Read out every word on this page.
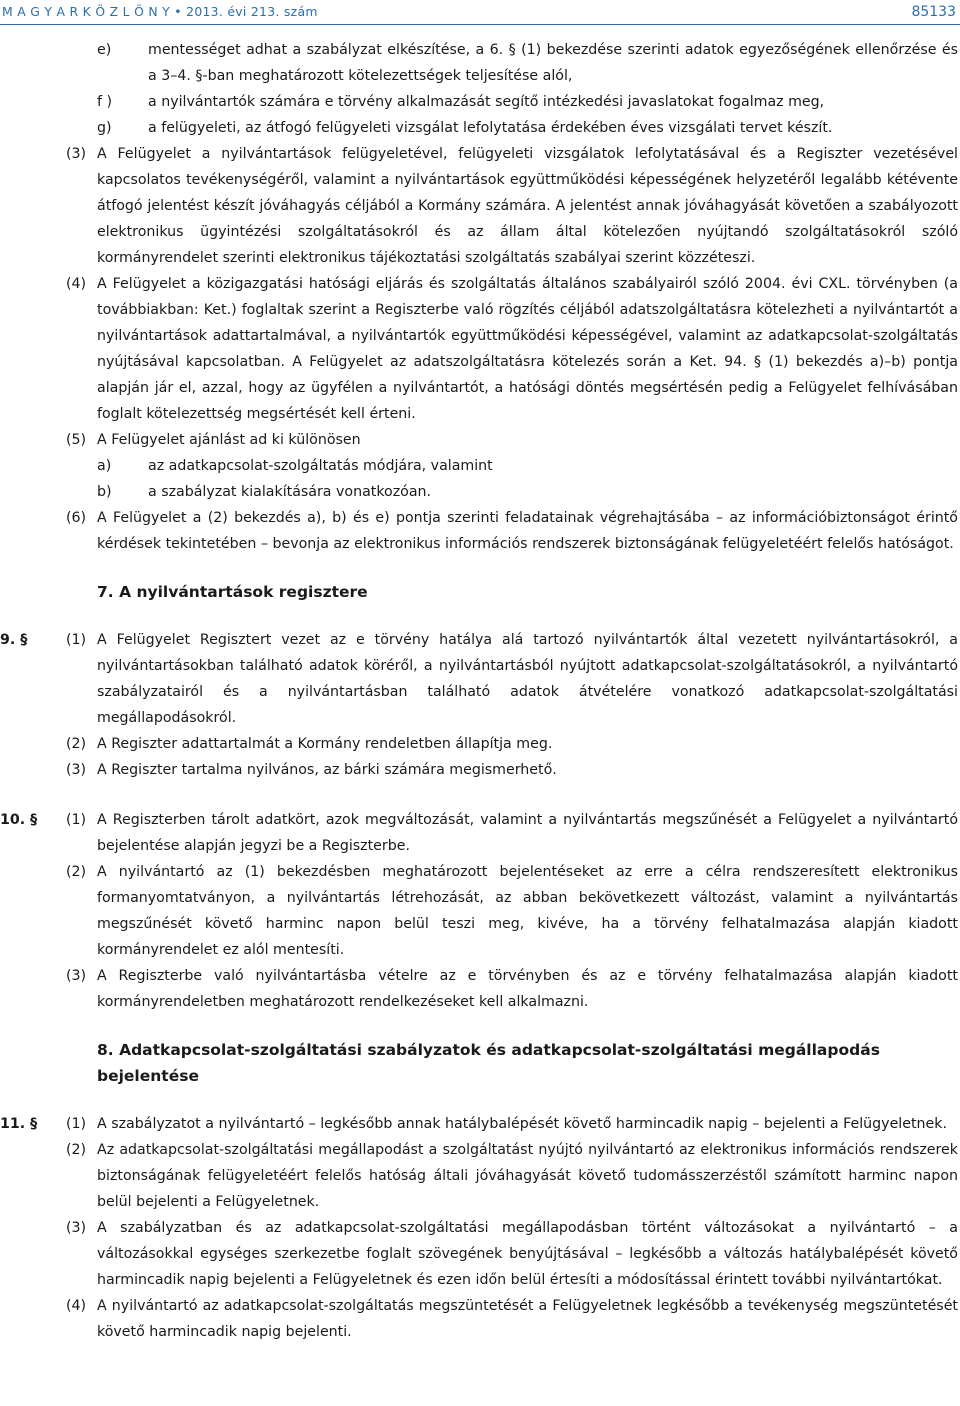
M A G Y A R K Ö Z L Ö N Y • 2013. évi 213. szám	85133
e)	mentességet adhat a szabályzat elkészítése, a 6. § (1) bekezdése szerinti adatok egyezőségének ellenőrzése és a 3–4. §-ban meghatározott kötelezettségek teljesítése alól,
f )	a nyilvántartók számára e törvény alkalmazását segítő intézkedési javaslatokat fogalmaz meg,
g)	a felügyeleti, az átfogó felügyeleti vizsgálat lefolytatása érdekében éves vizsgálati tervet készít.
(3) A Felügyelet a nyilvántartások felügyeletével, felügyeleti vizsgálatok lefolytatásával és a Regiszter vezetésével kapcsolatos tevékenységéről, valamint a nyilvántartások együttműködési képességének helyzetéről legalább kétévente átfogó jelentést készít jóváhagyás céljából a Kormány számára. A jelentést annak jóváhagyását követően a szabályozott elektronikus ügyintézési szolgáltatásokról és az állam által kötelezően nyújtandó szolgáltatásokról szóló kormányrendelet szerinti elektronikus tájékoztatási szolgáltatás szabályai szerint közzéteszi.
(4) A Felügyelet a közigazgatási hatósági eljárás és szolgáltatás általános szabályairól szóló 2004. évi CXL. törvényben (a továbbiakban: Ket.) foglaltak szerint a Regiszterbe való rögzítés céljából adatszolgáltatásra kötelezheti a nyilvántartót a nyilvántartások adattartalmával, a nyilvántartók együttműködési képességével, valamint az adatkapcsolat-szolgáltatás nyújtásával kapcsolatban. A Felügyelet az adatszolgáltatásra kötelezés során a Ket. 94. § (1) bekezdés a)–b) pontja alapján jár el, azzal, hogy az ügyfélen a nyilvántartót, a hatósági döntés megsértésén pedig a Felügyelet felhívásában foglalt kötelezettség megsértését kell érteni.
(5) A Felügyelet ajánlást ad ki különösen
a)	az adatkapcsolat-szolgáltatás módjára, valamint
b)	a szabályzat kialakítására vonatkozóan.
(6) A Felügyelet a (2) bekezdés a), b) és e) pontja szerinti feladatainak végrehajtásába – az információbiztonságot érintő kérdések tekintetében – bevonja az elektronikus információs rendszerek biztonságának felügyeletéért felelős hatóságot.
7. A nyilvántartások regisztere
9. §	(1) A Felügyelet Regisztert vezet az e törvény hatálya alá tartozó nyilvántartók által vezetett nyilvántartásokról, a nyilvántartásokban található adatok köréről, a nyilvántartásból nyújtott adatkapcsolat-szolgáltatásokról, a nyilvántartó szabályzatairól és a nyilvántartásban található adatok átvételére vonatkozó adatkapcsolat-szolgáltatási megállapodásokról.
(2) A Regiszter adattartalmát a Kormány rendeletben állapítja meg.
(3) A Regiszter tartalma nyilvános, az bárki számára megismerhető.
10. §	(1) A Regiszterben tárolt adatkört, azok megváltozását, valamint a nyilvántartás megszűnését a Felügyelet a nyilvántartó bejelentése alapján jegyzi be a Regiszterbe.
(2) A nyilvántartó az (1) bekezdésben meghatározott bejelentéseket az erre a célra rendszeresített elektronikus formanyomtatványon, a nyilvántartás létrehozását, az abban bekövetkezett változást, valamint a nyilvántartás megszűnését követő harminc napon belül teszi meg, kivéve, ha a törvény felhatalmazása alapján kiadott kormányrendelet ez alól mentesíti.
(3) A Regiszterbe való nyilvántartásba vételre az e törvényben és az e törvény felhatalmazása alapján kiadott kormányrendeletben meghatározott rendelkezéseket kell alkalmazni.
8. Adatkapcsolat-szolgáltatási szabályzatok és adatkapcsolat-szolgáltatási megállapodás bejelentése
11. §	(1) A szabályzatot a nyilvántartó – legkésőbb annak hatálybalépését követő harmincadik napig – bejelenti a Felügyeletnek.
(2) Az adatkapcsolat-szolgáltatási megállapodást a szolgáltatást nyújtó nyilvántartó az elektronikus információs rendszerek biztonságának felügyeletéért felelős hatóság általi jóváhagyását követő tudomásszerzéstől számított harminc napon belül bejelenti a Felügyeletnek.
(3) A szabályzatban és az adatkapcsolat-szolgáltatási megállapodásban történt változásokat a nyilvántartó – a változásokkal egységes szerkezetbe foglalt szövegének benyújtásával – legkésőbb a változás hatálybalépését követő harmincadik napig bejelenti a Felügyeletnek és ezen időn belül értesíti a módosítással érintett további nyilvántartókat.
(4) A nyilvántartó az adatkapcsolat-szolgáltatás megszüntetését a Felügyeletnek legkésőbb a tevékenység megszüntetését követő harmincadik napig bejelenti.
